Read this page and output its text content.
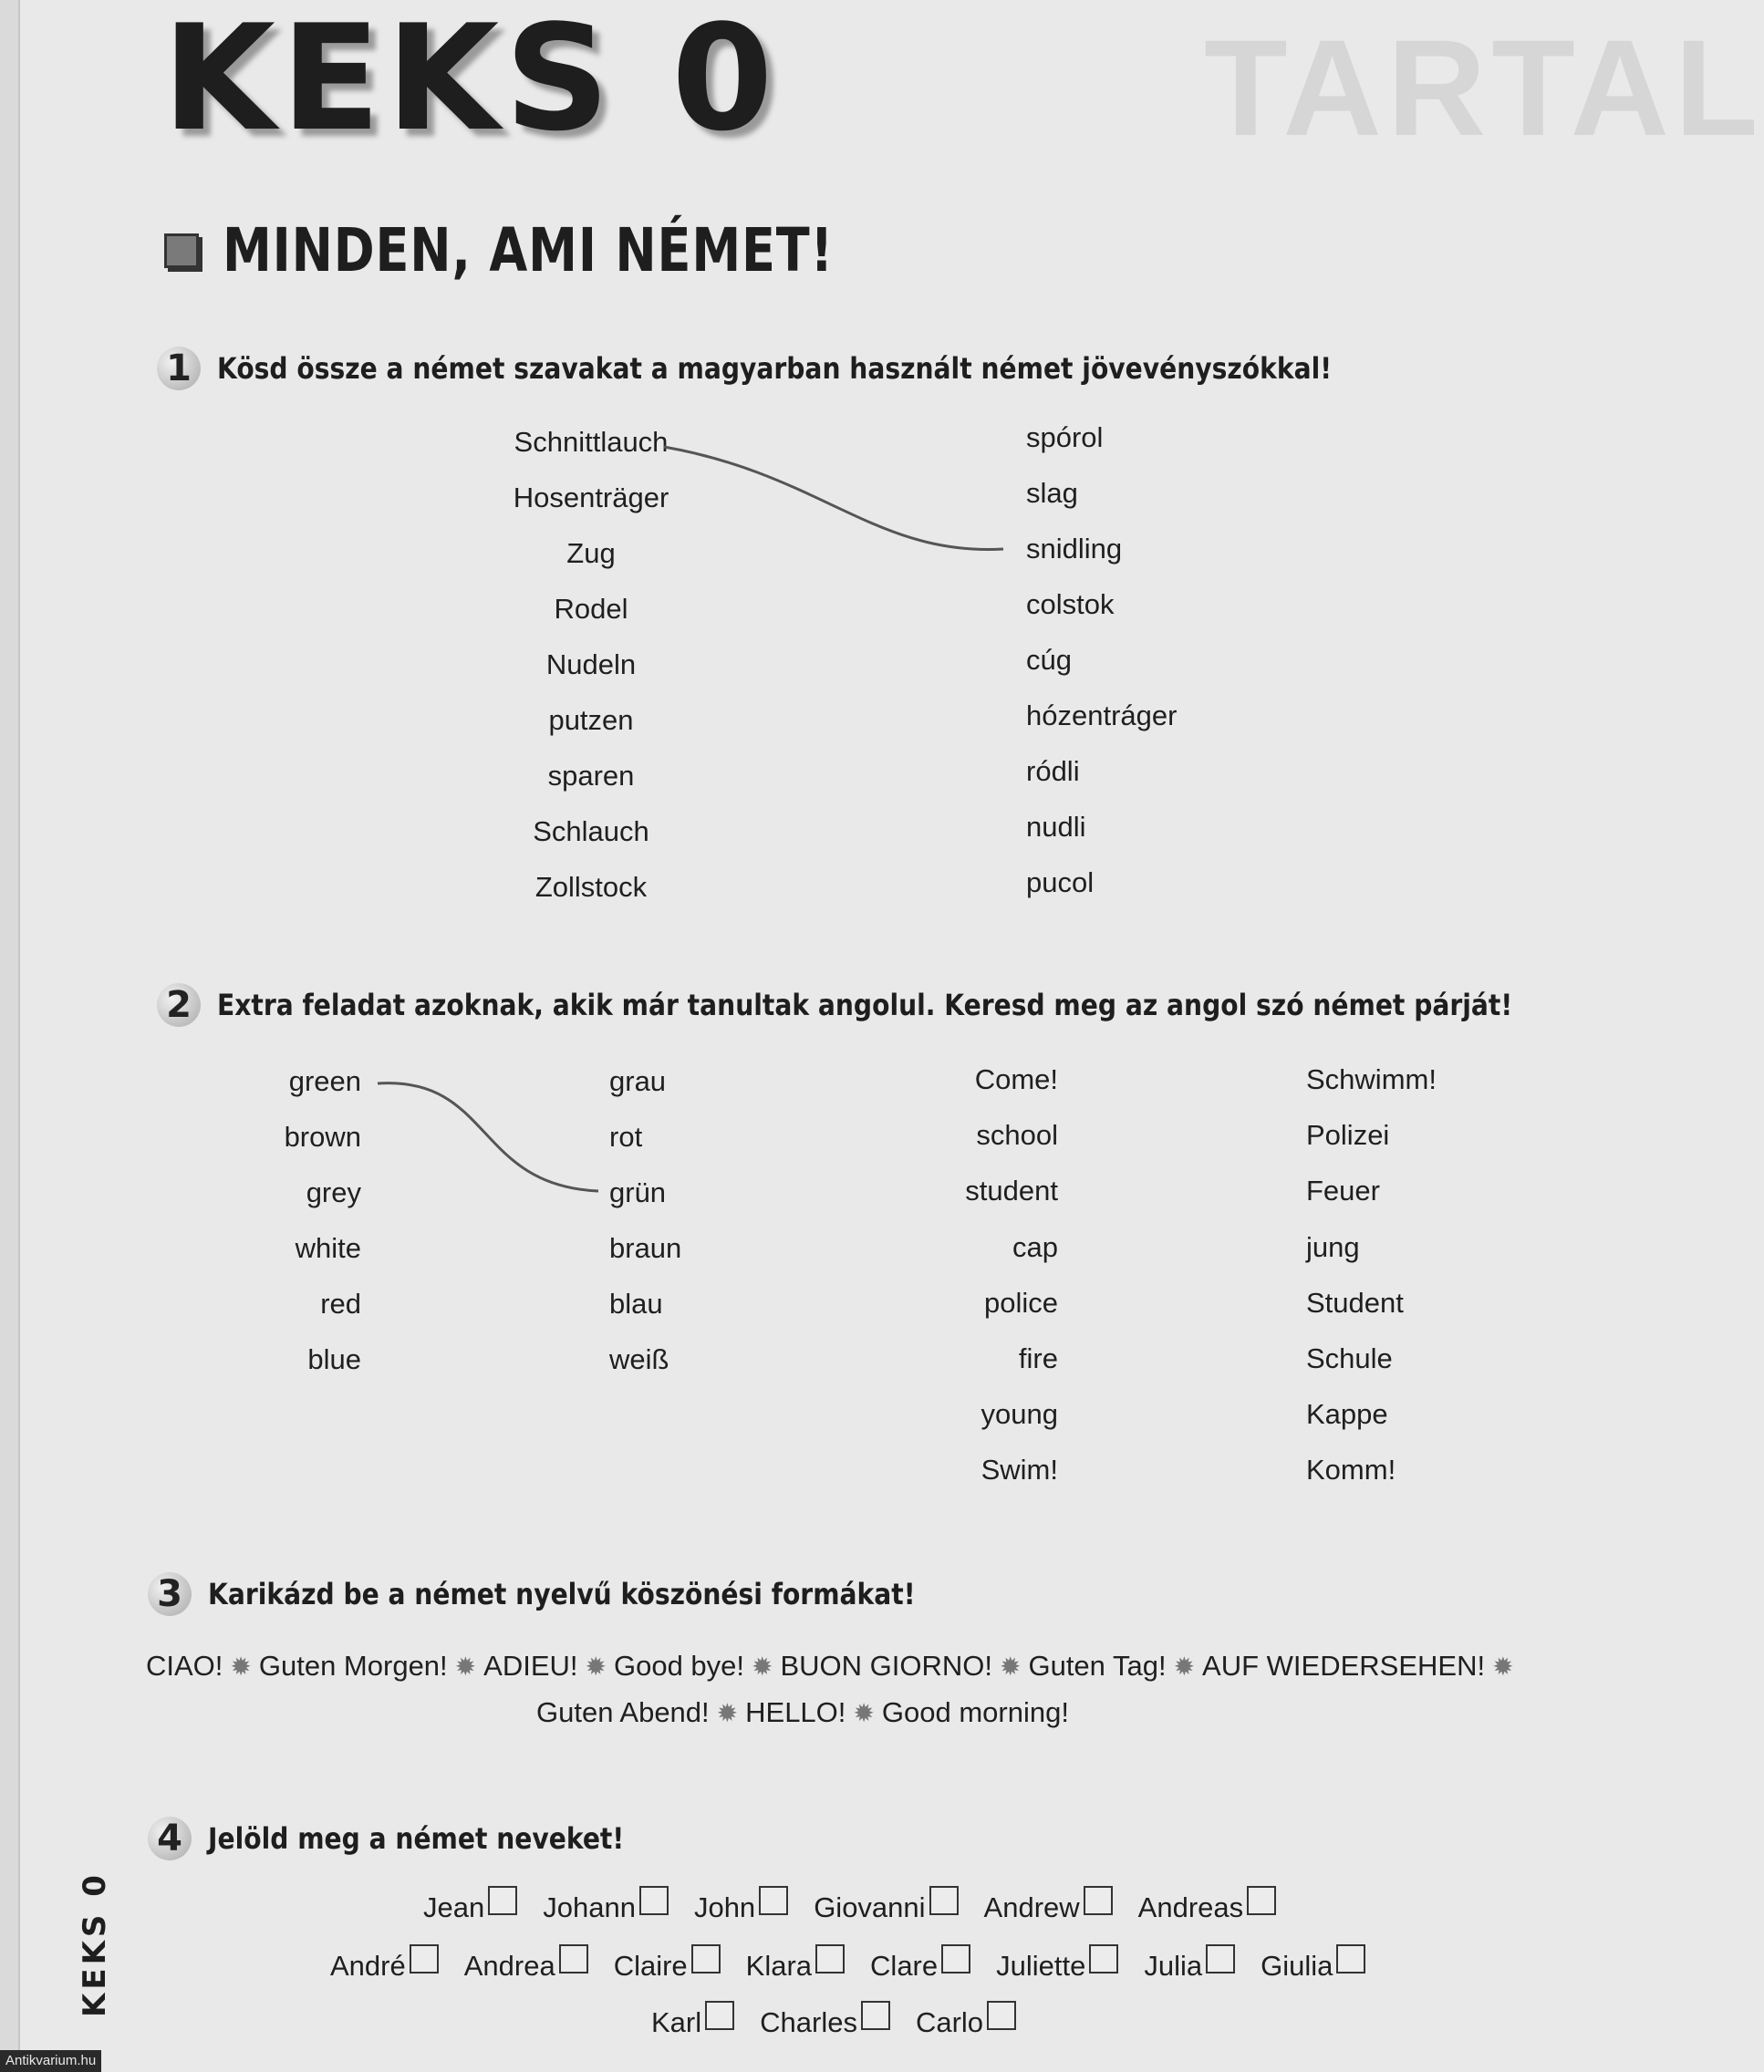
TARTAL
KEKS 0
MINDEN, AMI NÉMET!
1 Kösd össze a német szavakat a magyarban használt német jövevényszókkal!
Schnittlauch
Hosenträger
Zug
Rodel
Nudeln
putzen
sparen
Schlauch
Zollstock
spórol
slag
snidling
colstok
cúg
hózentráger
ródli
nudli
pucol
2 Extra feladat azoknak, akik már tanultak angolul. Keresd meg az angol szó német párját!
green
brown
grey
white
red
blue
grau
rot
grün
braun
blau
weiß
Come!
school
student
cap
police
fire
young
Swim!
Schwimm!
Polizei
Feuer
jung
Student
Schule
Kappe
Komm!
3 Karikázd be a német nyelvű köszönési formákat!
CIAO! ✹ Guten Morgen! ✹ ADIEU! ✹ Good bye! ✹ BUON GIORNO! ✹ Guten Tag! ✹ AUF WIEDERSEHEN! ✹
Guten Abend! ✹ HELLO! ✹ Good morning!
4 Jelöld meg a német neveket!
Jean Johann John Giovanni Andrew Andreas
André Andrea Claire Klara Clare Juliette Julia Giulia
Karl Charles Carlo
KEKS 0
Antikvarium.hu
